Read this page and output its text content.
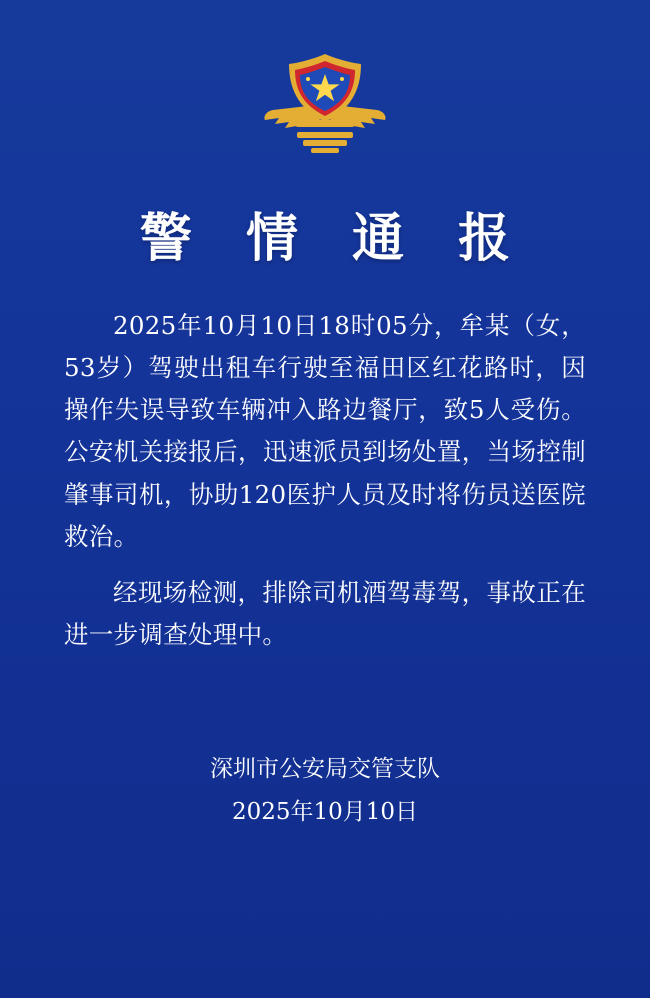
警 情 通 报

2025年10月10日18时05分，牟某（女，53岁）驾驶出租车行驶至福田区红花路时，因操作失误导致车辆冲入路边餐厅，致5人受伤。公安机关接报后，迅速派员到场处置，当场控制肇事司机，协助120医护人员及时将伤员送医院救治。

经现场检测，排除司机酒驾毒驾，事故正在进一步调查处理中。

深圳市公安局交管支队
2025年10月10日
